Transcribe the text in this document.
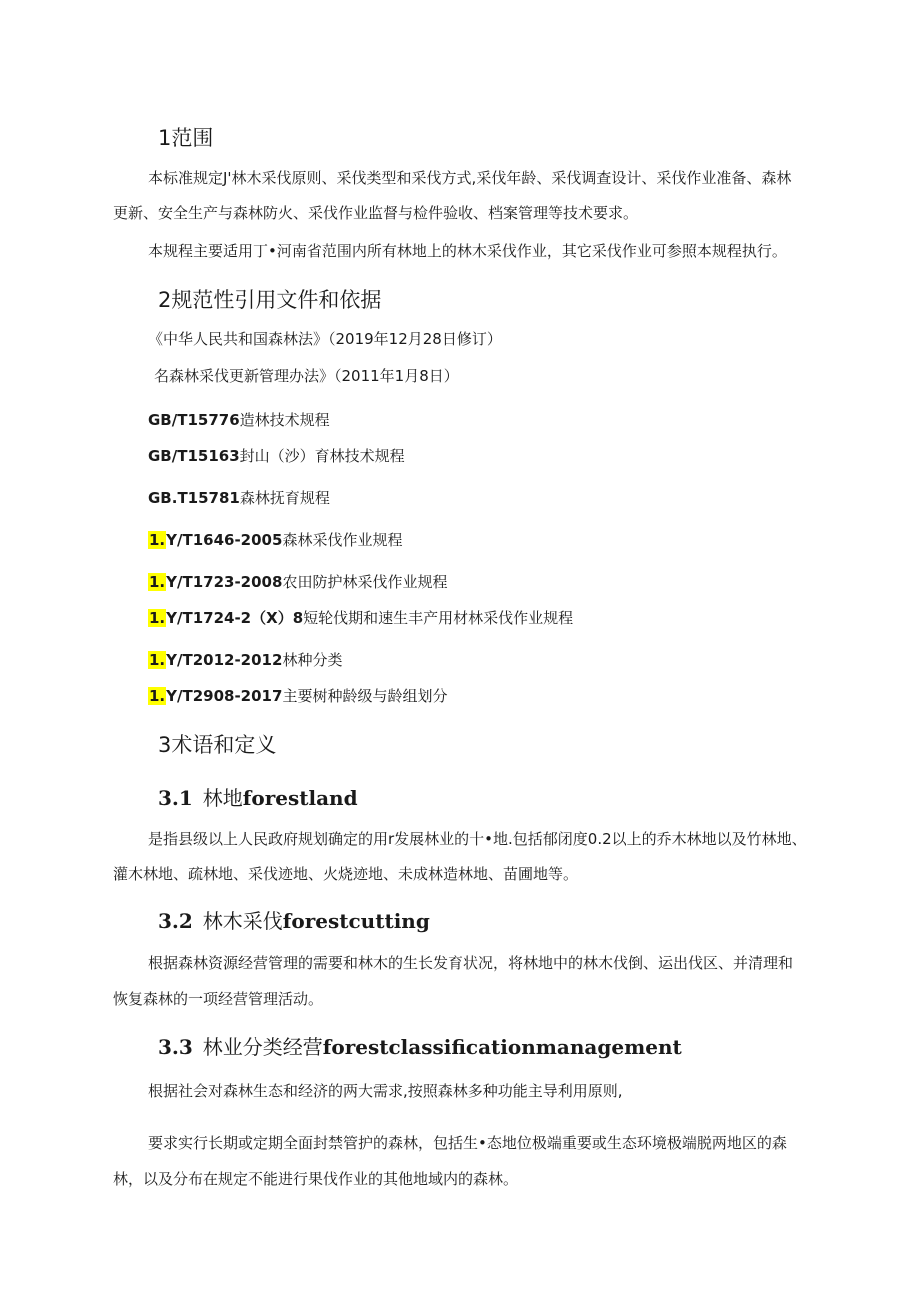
1范围
本标准规定J'林木采伐原则、采伐类型和采伐方式,采伐年龄、采伐调查设计、采伐作业准备、森林
更新、安全生产与森林防火、采伐作业监督与检件验收、档案管理等技术要求。
本规程主要适用丁•河南省范围内所有林地上的林木采伐作业，其它采伐作业可参照本规程执行。
2规范性引用文件和依据
《中华人民共和国森林法》（2019年12月28日修订）
名森林采伐更新管理办法》（2011年1月8日）
GB/T15776造林技术规程
GB/T15163封山（沙）育林技术规程
GB.T15781森林抚育规程
1.Y/T1646-2005森林采伐作业规程
1.Y/T1723-2008农田防护林采伐作业规程
1.Y/T1724-2（X）8短轮伐期和速生丰产用材林采伐作业规程
1.Y/T2012-2012林种分类
1.Y/T2908-2017主要树种龄级与龄组划分
3术语和定义
3.1 林地forestland
是指县级以上人民政府规划确定的用r发展林业的十•地.包括郁闭度0.2以上的乔木林地以及竹林地、
灌木林地、疏林地、采伐迹地、火烧迹地、未成林造林地、苗圃地等。
3.2 林木采伐forestcutting
根据森林资源经营管理的需要和林木的生长发育状况，将林地中的林木伐倒、运出伐区、并清理和
恢复森林的一项经营管理活动。
3.3 林业分类经营forestclassificationmanagement
根据社会对森林生态和经济的两大需求,按照森林多种功能主导利用原则,
要求实行长期或定期全面封禁管护的森林，包括生•态地位极端重要或生态环境极端脱两地区的森
林，以及分布在规定不能进行果伐作业的其他地域内的森林。
